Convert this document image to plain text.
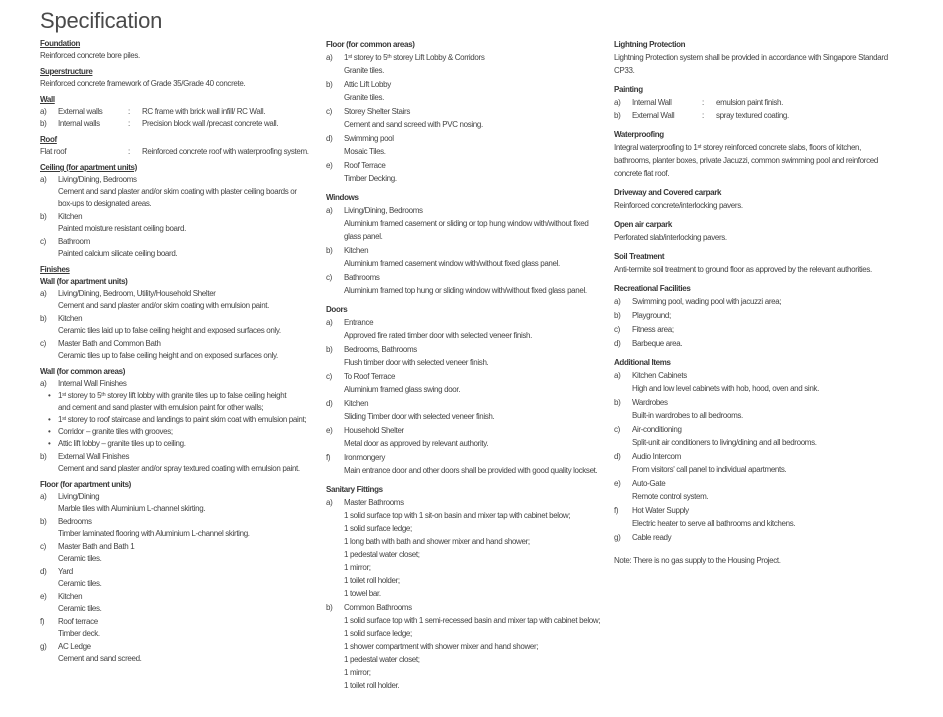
Specification
Foundation
Reinforced concrete bore piles.
Superstructure
Reinforced concrete framework of Grade 35/Grade 40 concrete.
Wall
a)	External walls	:	RC frame with brick wall infill/ RC Wall.
b)	Internal walls	:	Precision block wall /precast concrete wall.
Roof
Flat roof	:	Reinforced concrete roof with waterproofing system.
Ceiling (for apartment units)
a)	Living/Dining, Bedrooms
Cement and sand plaster and/or skim coating with plaster ceiling boards or
box-ups to designated areas.
b)	Kitchen
Painted moisture resistant ceiling board.
c)	Bathroom
Painted calcium silicate ceiling board.
Finishes
Wall (for apartment units)
a)	Living/Dining, Bedroom, Utility/Household Shelter
Cement and sand plaster and/or skim coating with emulsion paint.
b)	Kitchen
Ceramic tiles laid up to false ceiling height and exposed surfaces only.
c)	Master Bath and Common Bath
Ceramic tiles up to false ceiling height and on exposed surfaces only.
Wall (for common areas)
a)	Internal Wall Finishes
• 1ˢᵗ storey to 5ᵗʰ storey lift lobby with granite tiles up to false ceiling height
and cement and sand plaster with emulsion paint for other walls;
• 1ˢᵗ storey to roof staircase and landings to paint skim coat with emulsion paint;
• Corridor – granite tiles with grooves;
• Attic lift lobby – granite tiles up to ceiling.
b)	External Wall Finishes
Cement and sand plaster and/or spray textured coating with emulsion paint.
Floor (for apartment units)
a)	Living/Dining
Marble tiles with Aluminium L-channel skirting.
b)	Bedrooms
Timber laminated flooring with Aluminium L-channel skirting.
c)	Master Bath and Bath 1
Ceramic tiles.
d)	Yard
Ceramic tiles.
e)	Kitchen
Ceramic tiles.
f)	Roof terrace
Timber deck.
g)	AC Ledge
Cement and sand screed.
Floor (for common areas)
a)	1ˢᵗ storey to 5ᵗʰ storey Lift Lobby & Corridors
Granite tiles.
b)	Attic Lift Lobby
Granite tiles.
c)	Storey Shelter Stairs
Cement and sand screed with PVC nosing.
d)	Swimming pool
Mosaic Tiles.
e)	Roof Terrace
Timber Decking.
Windows
a)	Living/Dining, Bedrooms
Aluminium framed casement or sliding or top hung window with/without fixed
glass panel.
b)	Kitchen
Aluminium framed casement window with/without fixed glass panel.
c)	Bathrooms
Aluminium framed top hung or sliding window with/without fixed glass panel.
Doors
a)	Entrance
Approved fire rated timber door with selected veneer finish.
b)	Bedrooms, Bathrooms
Flush timber door with selected veneer finish.
c)	To Roof Terrace
Aluminium framed glass swing door.
d)	Kitchen
Sliding Timber door with selected veneer finish.
e)	Household Shelter
Metal door as approved by relevant authority.
f)	Ironmongery
Main entrance door and other doors shall be provided with good quality lockset.
Sanitary Fittings
a)	Master Bathrooms
1 solid surface top with 1 sit-on basin and mixer tap with cabinet below;
1 solid surface ledge;
1 long bath with bath and shower mixer and hand shower;
1 pedestal water closet;
1 mirror;
1 toilet roll holder;
1 towel bar.
b)	Common Bathrooms
1 solid surface top with 1 semi-recessed basin and mixer tap with cabinet below;
1 solid surface ledge;
1 shower compartment with shower mixer and hand shower;
1 pedestal water closet;
1 mirror;
1 toilet roll holder.
Lightning Protection
Lightning Protection system shall be provided in accordance with Singapore Standard
CP33.
Painting
a)	Internal Wall	:	emulsion paint finish.
b)	External Wall	:	spray textured coating.
Waterproofing
Integral waterproofing to 1ˢᵗ storey reinforced concrete slabs, floors of kitchen,
bathrooms, planter boxes, private Jacuzzi, common swimming pool and reinforced
concrete flat roof.
Driveway and Covered carpark
Reinforced concrete/interlocking pavers.
Open air carpark
Perforated slab/interlocking pavers.
Soil Treatment
Anti-termite soil treatment to ground floor as approved by the relevant authorities.
Recreational Facilities
a)	Swimming pool, wading pool with jacuzzi area;
b)	Playground;
c)	Fitness area;
d)	Barbeque area.
Additional Items
a)	Kitchen Cabinets
High and low level cabinets with hob, hood, oven and sink.
b)	Wardrobes
Built-in wardrobes to all bedrooms.
c)	Air-conditioning
Split-unit air conditioners to living/dining and all bedrooms.
d)	Audio Intercom
From visitors' call panel to individual apartments.
e)	Auto-Gate
Remote control system.
f)	Hot Water Supply
Electric heater to serve all bathrooms and kitchens.
g)	Cable ready
Note: There is no gas supply to the Housing Project.
